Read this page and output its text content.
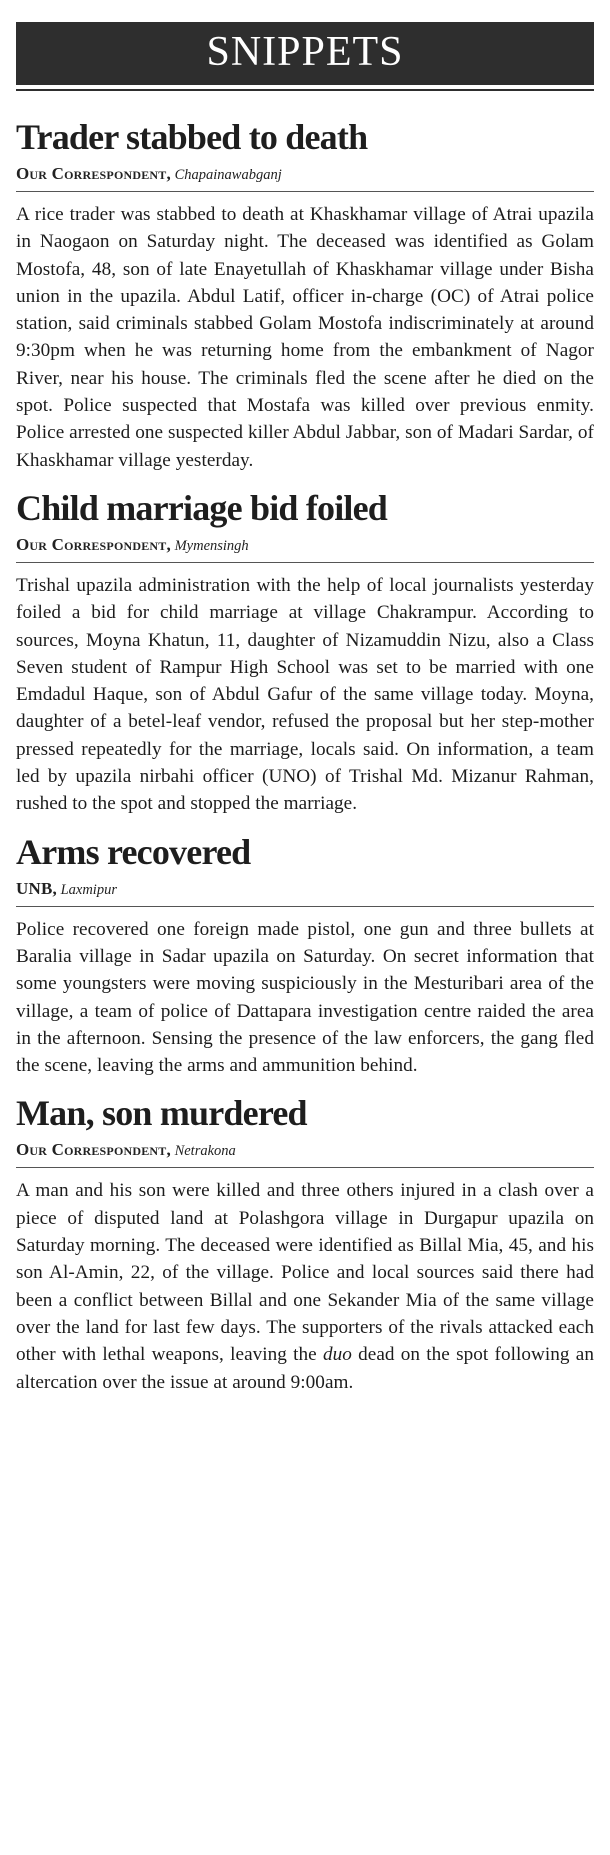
SNIPPETS
Trader stabbed to death
Our Correspondent, Chapainawabganj

A rice trader was stabbed to death at Khaskhamar village of Atrai upazila in Naogaon on Saturday night. The deceased was identified as Golam Mostofa, 48, son of late Enayetullah of Khaskhamar village under Bisha union in the upazila. Abdul Latif, officer in-charge (OC) of Atrai police station, said criminals stabbed Golam Mostofa indiscriminately at around 9:30pm when he was returning home from the embankment of Nagor River, near his house. The criminals fled the scene after he died on the spot. Police suspected that Mostafa was killed over previous enmity. Police arrested one suspected killer Abdul Jabbar, son of Madari Sardar, of Khaskhamar village yesterday.

Child marriage bid foiled
Our Correspondent, Mymensingh

Trishal upazila administration with the help of local journalists yesterday foiled a bid for child marriage at village Chakrampur. According to sources, Moyna Khatun, 11, daughter of Nizamuddin Nizu, also a Class Seven student of Rampur High School was set to be married with one Emdadul Haque, son of Abdul Gafur of the same village today. Moyna, daughter of a betel-leaf vendor, refused the proposal but her step-mother pressed repeatedly for the marriage, locals said. On information, a team led by upazila nirbahi officer (UNO) of Trishal Md. Mizanur Rahman, rushed to the spot and stopped the marriage.

Arms recovered
UNB, Laxmipur

Police recovered one foreign made pistol, one gun and three bullets at Baralia village in Sadar upazila on Saturday. On secret information that some youngsters were moving suspiciously in the Mesturibari area of the village, a team of police of Dattapara investigation centre raided the area in the afternoon. Sensing the presence of the law enforcers, the gang fled the scene, leaving the arms and ammunition behind.

Man, son murdered
Our Correspondent, Netrakona

A man and his son were killed and three others injured in a clash over a piece of disputed land at Polashgora village in Durgapur upazila on Saturday morning. The deceased were identified as Billal Mia, 45, and his son Al-Amin, 22, of the village. Police and local sources said there had been a conflict between Billal and one Sekander Mia of the same village over the land for last few days. The supporters of the rivals attacked each other with lethal weapons, leaving the duo dead on the spot following an altercation over the issue at around 9:00am.
